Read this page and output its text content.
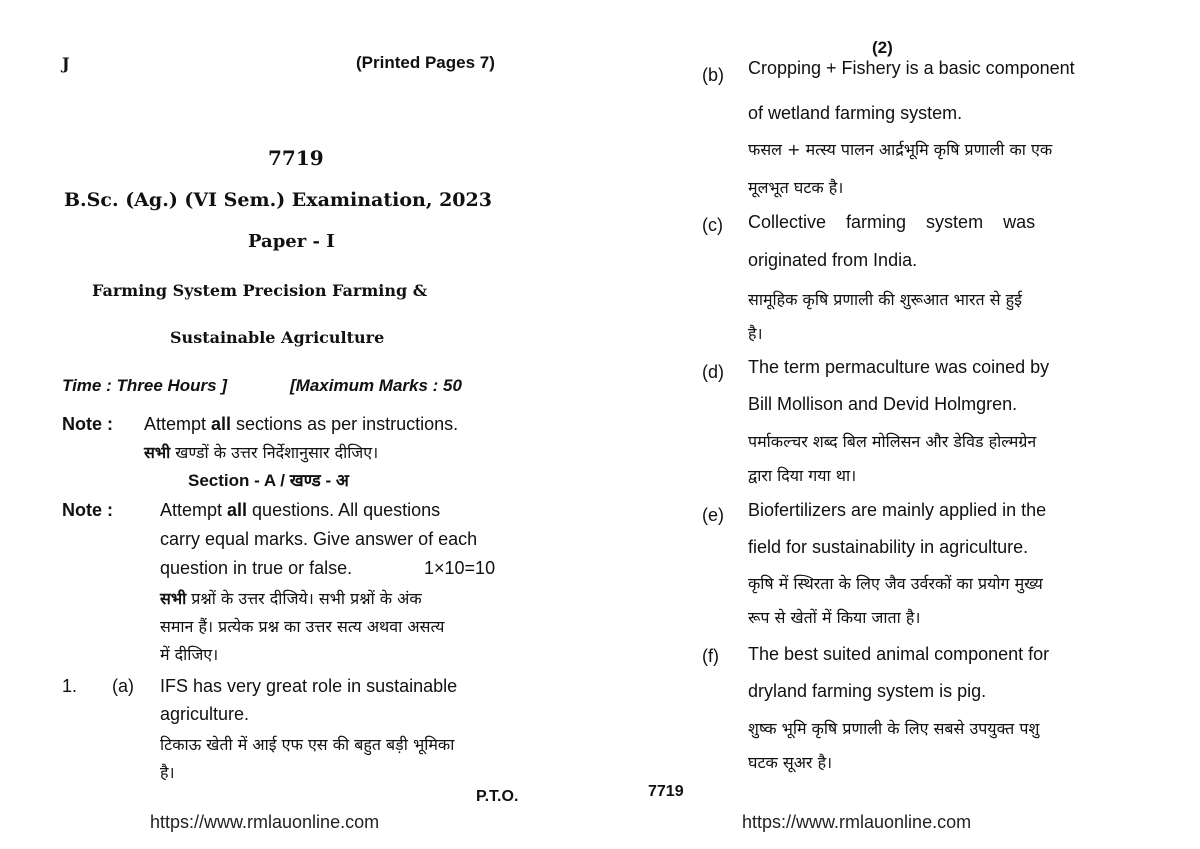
J	(Printed Pages 7)
7719
B.Sc. (Ag.) (VI Sem.) Examination, 2023
Paper - I
Farming System Precision Farming &
Sustainable Agriculture
Time : Three Hours ]	[Maximum Marks : 50
Note : Attempt all sections as per instructions.
सभी खण्डों के उत्तर निर्देशानुसार दीजिए।
Section - A / खण्ड - अ
Note :	Attempt all questions. All questions
carry equal marks. Give answer of each
question in true or false.	1×10=10
सभी प्रश्नों के उत्तर दीजिये। सभी प्रश्नों के अंक
समान हैं। प्रत्येक प्रश्न का उत्तर सत्य अथवा असत्य
में दीजिए।
1. (a) IFS has very great role in sustainable
agriculture.
टिकाऊ खेती में आई एफ एस की बहुत बड़ी भूमिका
है।
P.T.O.
https://www.rmlauonline.com
(2)
(b) Cropping + Fishery is a basic component
of wetland farming system.
फसल + मत्स्य पालन आर्द्रभूमि कृषि प्रणाली का एक
मूलभूत घटक है।
(c) Collective    farming    system    was
originated from India.
सामूहिक कृषि प्रणाली की शुरूआत भारत से हुई
है।
(d) The term permaculture was coined by
Bill Mollison and Devid Holmgren.
पर्माकल्चर शब्द बिल मोलिसन और डेविड होल्मग्रेन
द्वारा दिया गया था।
(e) Biofertilizers are mainly applied in the
field for sustainability in agriculture.
कृषि में स्थिरता के लिए जैव उर्वरकों का प्रयोग मुख्य
रूप से खेतों में किया जाता है।
(f) The best suited animal component for
dryland farming system is pig.
शुष्क भूमि कृषि प्रणाली के लिए सबसे उपयुक्त पशु
घटक सूअर है।
7719
https://www.rmlauonline.com
